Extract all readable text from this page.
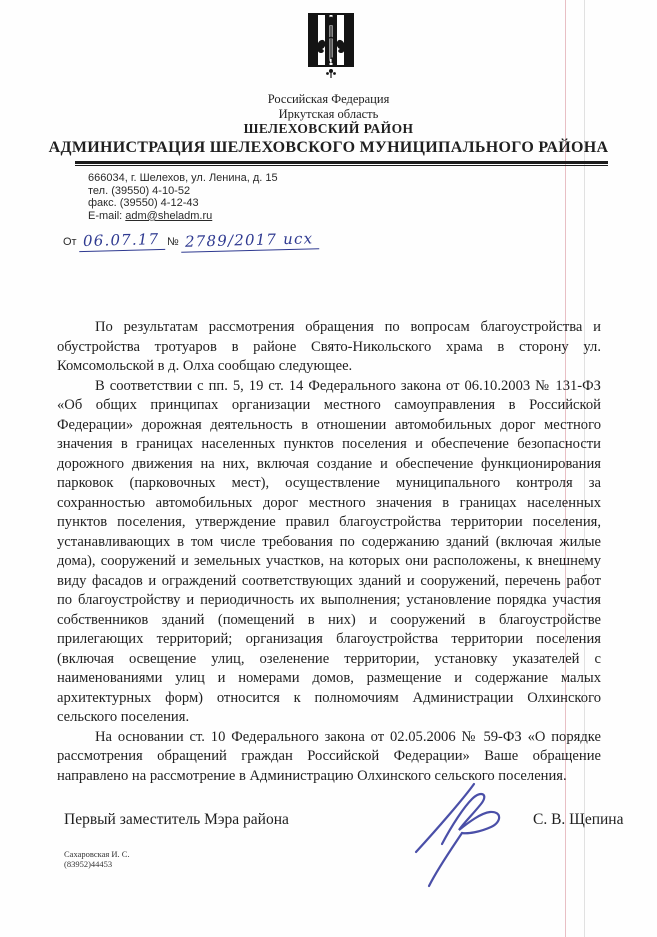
АЦ
Российская Федерация
Иркутская область
ШЕЛЕХОВСКИЙ РАЙОН
АДМИНИСТРАЦИЯ ШЕЛЕХОВСКОГО МУНИЦИПАЛЬНОГО РАЙОНА
666034, г. Шелехов, ул. Ленина, д. 15
тел. (39550) 4-10-52
факс. (39550) 4-12-43
E-mail: adm@sheladm.ru
От 06.07.17 № 2789/2017 исх

По результатам рассмотрения обращения по вопросам благоустройства и обустройства тротуаров в районе Свято-Никольского храма в сторону ул. Комсомольской в д. Олха сообщаю следующее.

В соответствии с пп. 5, 19 ст. 14 Федерального закона от 06.10.2003 № 131-ФЗ «Об общих принципах организации местного самоуправления в Российской Федерации» дорожная деятельность в отношении автомобильных дорог местного значения в границах населенных пунктов поселения и обеспечение безопасности дорожного движения на них, включая создание и обеспечение функционирования парковок (парковочных мест), осуществление муниципального контроля за сохранностью автомобильных дорог местного значения в границах населенных пунктов поселения, утверждение правил благоустройства территории поселения, устанавливающих в том числе требования по содержанию зданий (включая жилые дома), сооружений и земельных участков, на которых они расположены, к внешнему виду фасадов и ограждений соответствующих зданий и сооружений, перечень работ по благоустройству и периодичность их выполнения; установление порядка участия собственников зданий (помещений в них) и сооружений в благоустройстве прилегающих территорий; организация благоустройства территории поселения (включая освещение улиц, озеленение территории, установку указателей с наименованиями улиц и номерами домов, размещение и содержание малых архитектурных форм) относится к полномочиям Администрации Олхинского сельского поселения.

На основании ст. 10 Федерального закона от 02.05.2006 № 59-ФЗ «О порядке рассмотрения обращений граждан Российской Федерации» Ваше обращение направлено на рассмотрение в Администрацию Олхинского сельского поселения.

Первый заместитель Мэра района	С. В. Щепина
Сахаровская И. С.
(83952)44453
